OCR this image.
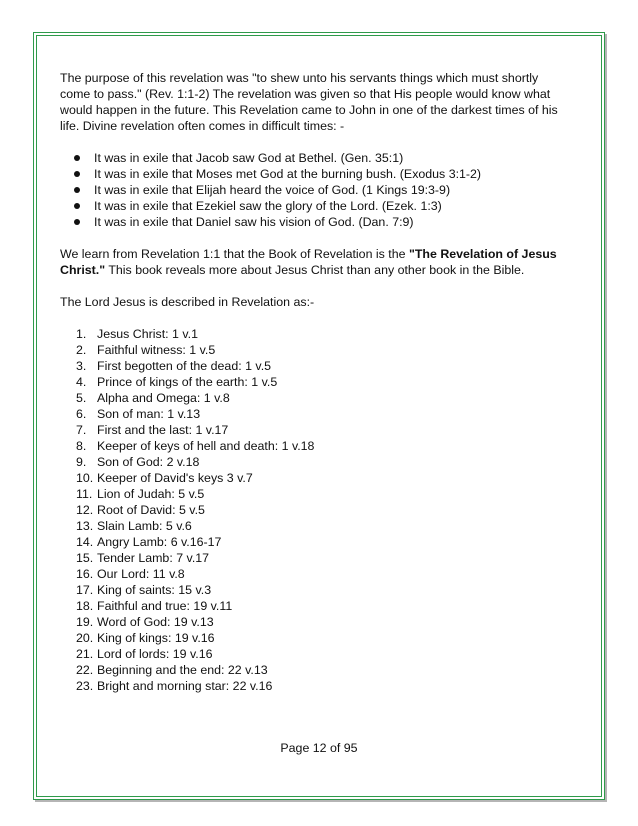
The purpose of this revelation was "to shew unto his servants things which must shortly come to pass." (Rev. 1:1-2) The revelation was given so that His people would know what would happen in the future. This Revelation came to John in one of the darkest times of his life. Divine revelation often comes in difficult times: -

It was in exile that Jacob saw God at Bethel. (Gen. 35:1)
It was in exile that Moses met God at the burning bush. (Exodus 3:1-2)
It was in exile that Elijah heard the voice of God. (1 Kings 19:3-9)
It was in exile that Ezekiel saw the glory of the Lord. (Ezek. 1:3)
It was in exile that Daniel saw his vision of God. (Dan. 7:9)

We learn from Revelation 1:1 that the Book of Revelation is the "The Revelation of Jesus Christ." This book reveals more about Jesus Christ than any other book in the Bible.

The Lord Jesus is described in Revelation as:-

1. Jesus Christ: 1 v.1
2. Faithful witness: 1 v.5
3. First begotten of the dead: 1 v.5
4. Prince of kings of the earth: 1 v.5
5. Alpha and Omega: 1 v.8
6. Son of man: 1 v.13
7. First and the last: 1 v.17
8. Keeper of keys of hell and death: 1 v.18
9. Son of God: 2 v.18
10. Keeper of David's keys 3 v.7
11. Lion of Judah: 5 v.5
12. Root of David: 5 v.5
13. Slain Lamb: 5 v.6
14. Angry Lamb: 6 v.16-17
15. Tender Lamb: 7 v.17
16. Our Lord: 11 v.8
17. King of saints: 15 v.3
18. Faithful and true: 19 v.11
19. Word of God: 19 v.13
20. King of kings: 19 v.16
21. Lord of lords: 19 v.16
22. Beginning and the end: 22 v.13
23. Bright and morning star: 22 v.16
Page 12 of 95
